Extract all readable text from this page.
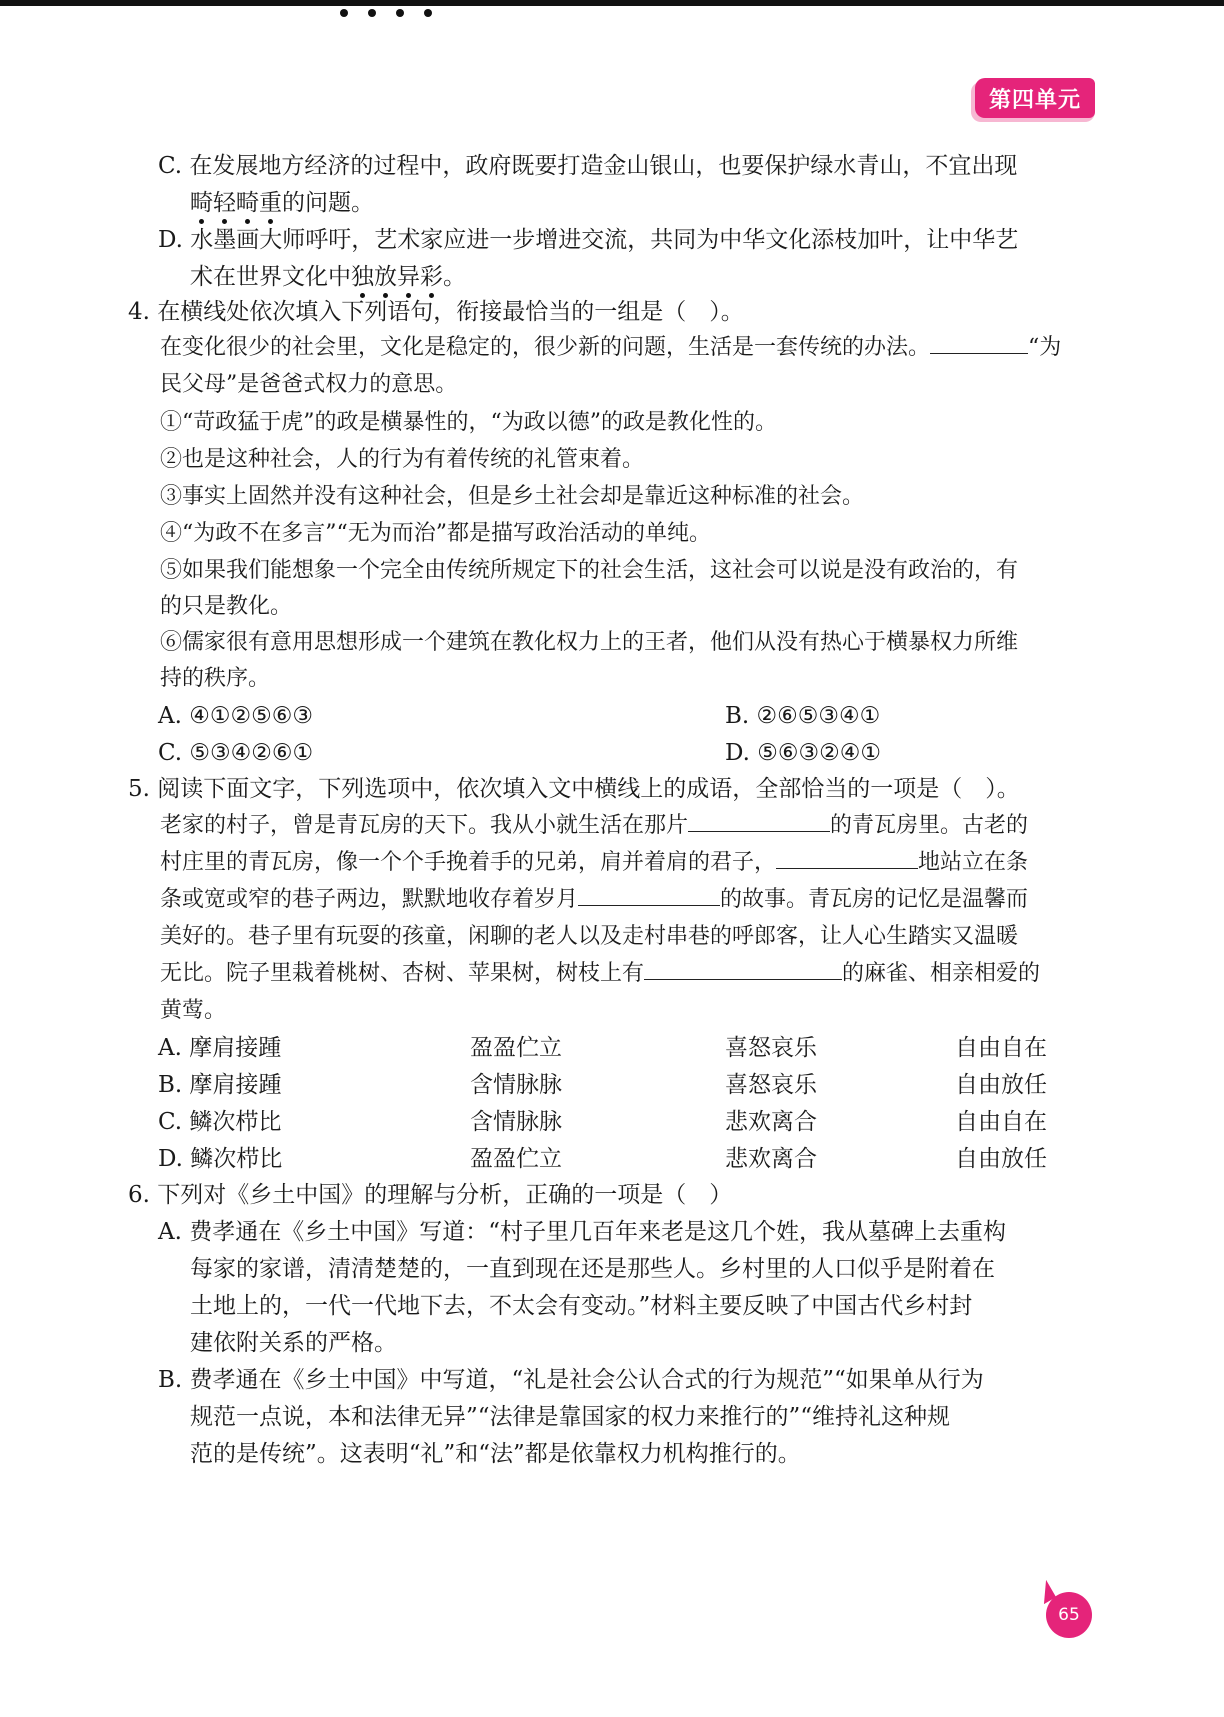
第四单元
C. 在发展地方经济的过程中，政府既要打造金山银山，也要保护绿水青山，不宜出现
畸轻畸重的问题。
D. 水墨画大师呼吁，艺术家应进一步增进交流，共同为中华文化添枝加叶，让中华艺
术在世界文化中独放异彩。
4. 在横线处依次填入下列语句，衔接最恰当的一组是（　）。
在变化很少的社会里，文化是稳定的，很少新的问题，生活是一套传统的办法。	“为
民父母”是爸爸式权力的意思。
①“苛政猛于虎”的政是横暴性的，“为政以德”的政是教化性的。
②也是这种社会，人的行为有着传统的礼管束着。
③事实上固然并没有这种社会，但是乡土社会却是靠近这种标准的社会。
④“为政不在多言”“无为而治”都是描写政治活动的单纯。
⑤如果我们能想象一个完全由传统所规定下的社会生活，这社会可以说是没有政治的，有
的只是教化。
⑥儒家很有意用思想形成一个建筑在教化权力上的王者，他们从没有热心于横暴权力所维
持的秩序。
A. ④①②⑤⑥③	B. ②⑥⑤③④①
C. ⑤③④②⑥①	D. ⑤⑥③②④①
5. 阅读下面文字，下列选项中，依次填入文中横线上的成语，全部恰当的一项是（　）。
老家的村子，曾是青瓦房的天下。我从小就生活在那片	的青瓦房里。古老的
村庄里的青瓦房，像一个个手挽着手的兄弟，肩并着肩的君子，	地站立在条
条或宽或窄的巷子两边，默默地收存着岁月	的故事。青瓦房的记忆是温馨而
美好的。巷子里有玩耍的孩童，闲聊的老人以及走村串巷的呼郎客，让人心生踏实又温暖
无比。院子里栽着桃树、杏树、苹果树，树枝上有	的麻雀、相亲相爱的
黄莺。
A. 摩肩接踵	盈盈伫立	喜怒哀乐	自由自在
B. 摩肩接踵	含情脉脉	喜怒哀乐	自由放任
C. 鳞次栉比	含情脉脉	悲欢离合	自由自在
D. 鳞次栉比	盈盈伫立	悲欢离合	自由放任
6. 下列对《乡土中国》的理解与分析，正确的一项是（　）
A. 费孝通在《乡土中国》写道：“村子里几百年来老是这几个姓，我从墓碑上去重构
每家的家谱，清清楚楚的，一直到现在还是那些人。乡村里的人口似乎是附着在
土地上的，一代一代地下去，不太会有变动。”材料主要反映了中国古代乡村封
建依附关系的严格。
B. 费孝通在《乡土中国》中写道，“礼是社会公认合式的行为规范”“如果单从行为
规范一点说，本和法律无异”“法律是靠国家的权力来推行的”“维持礼这种规
范的是传统”。这表明“礼”和“法”都是依靠权力机构推行的。
65
